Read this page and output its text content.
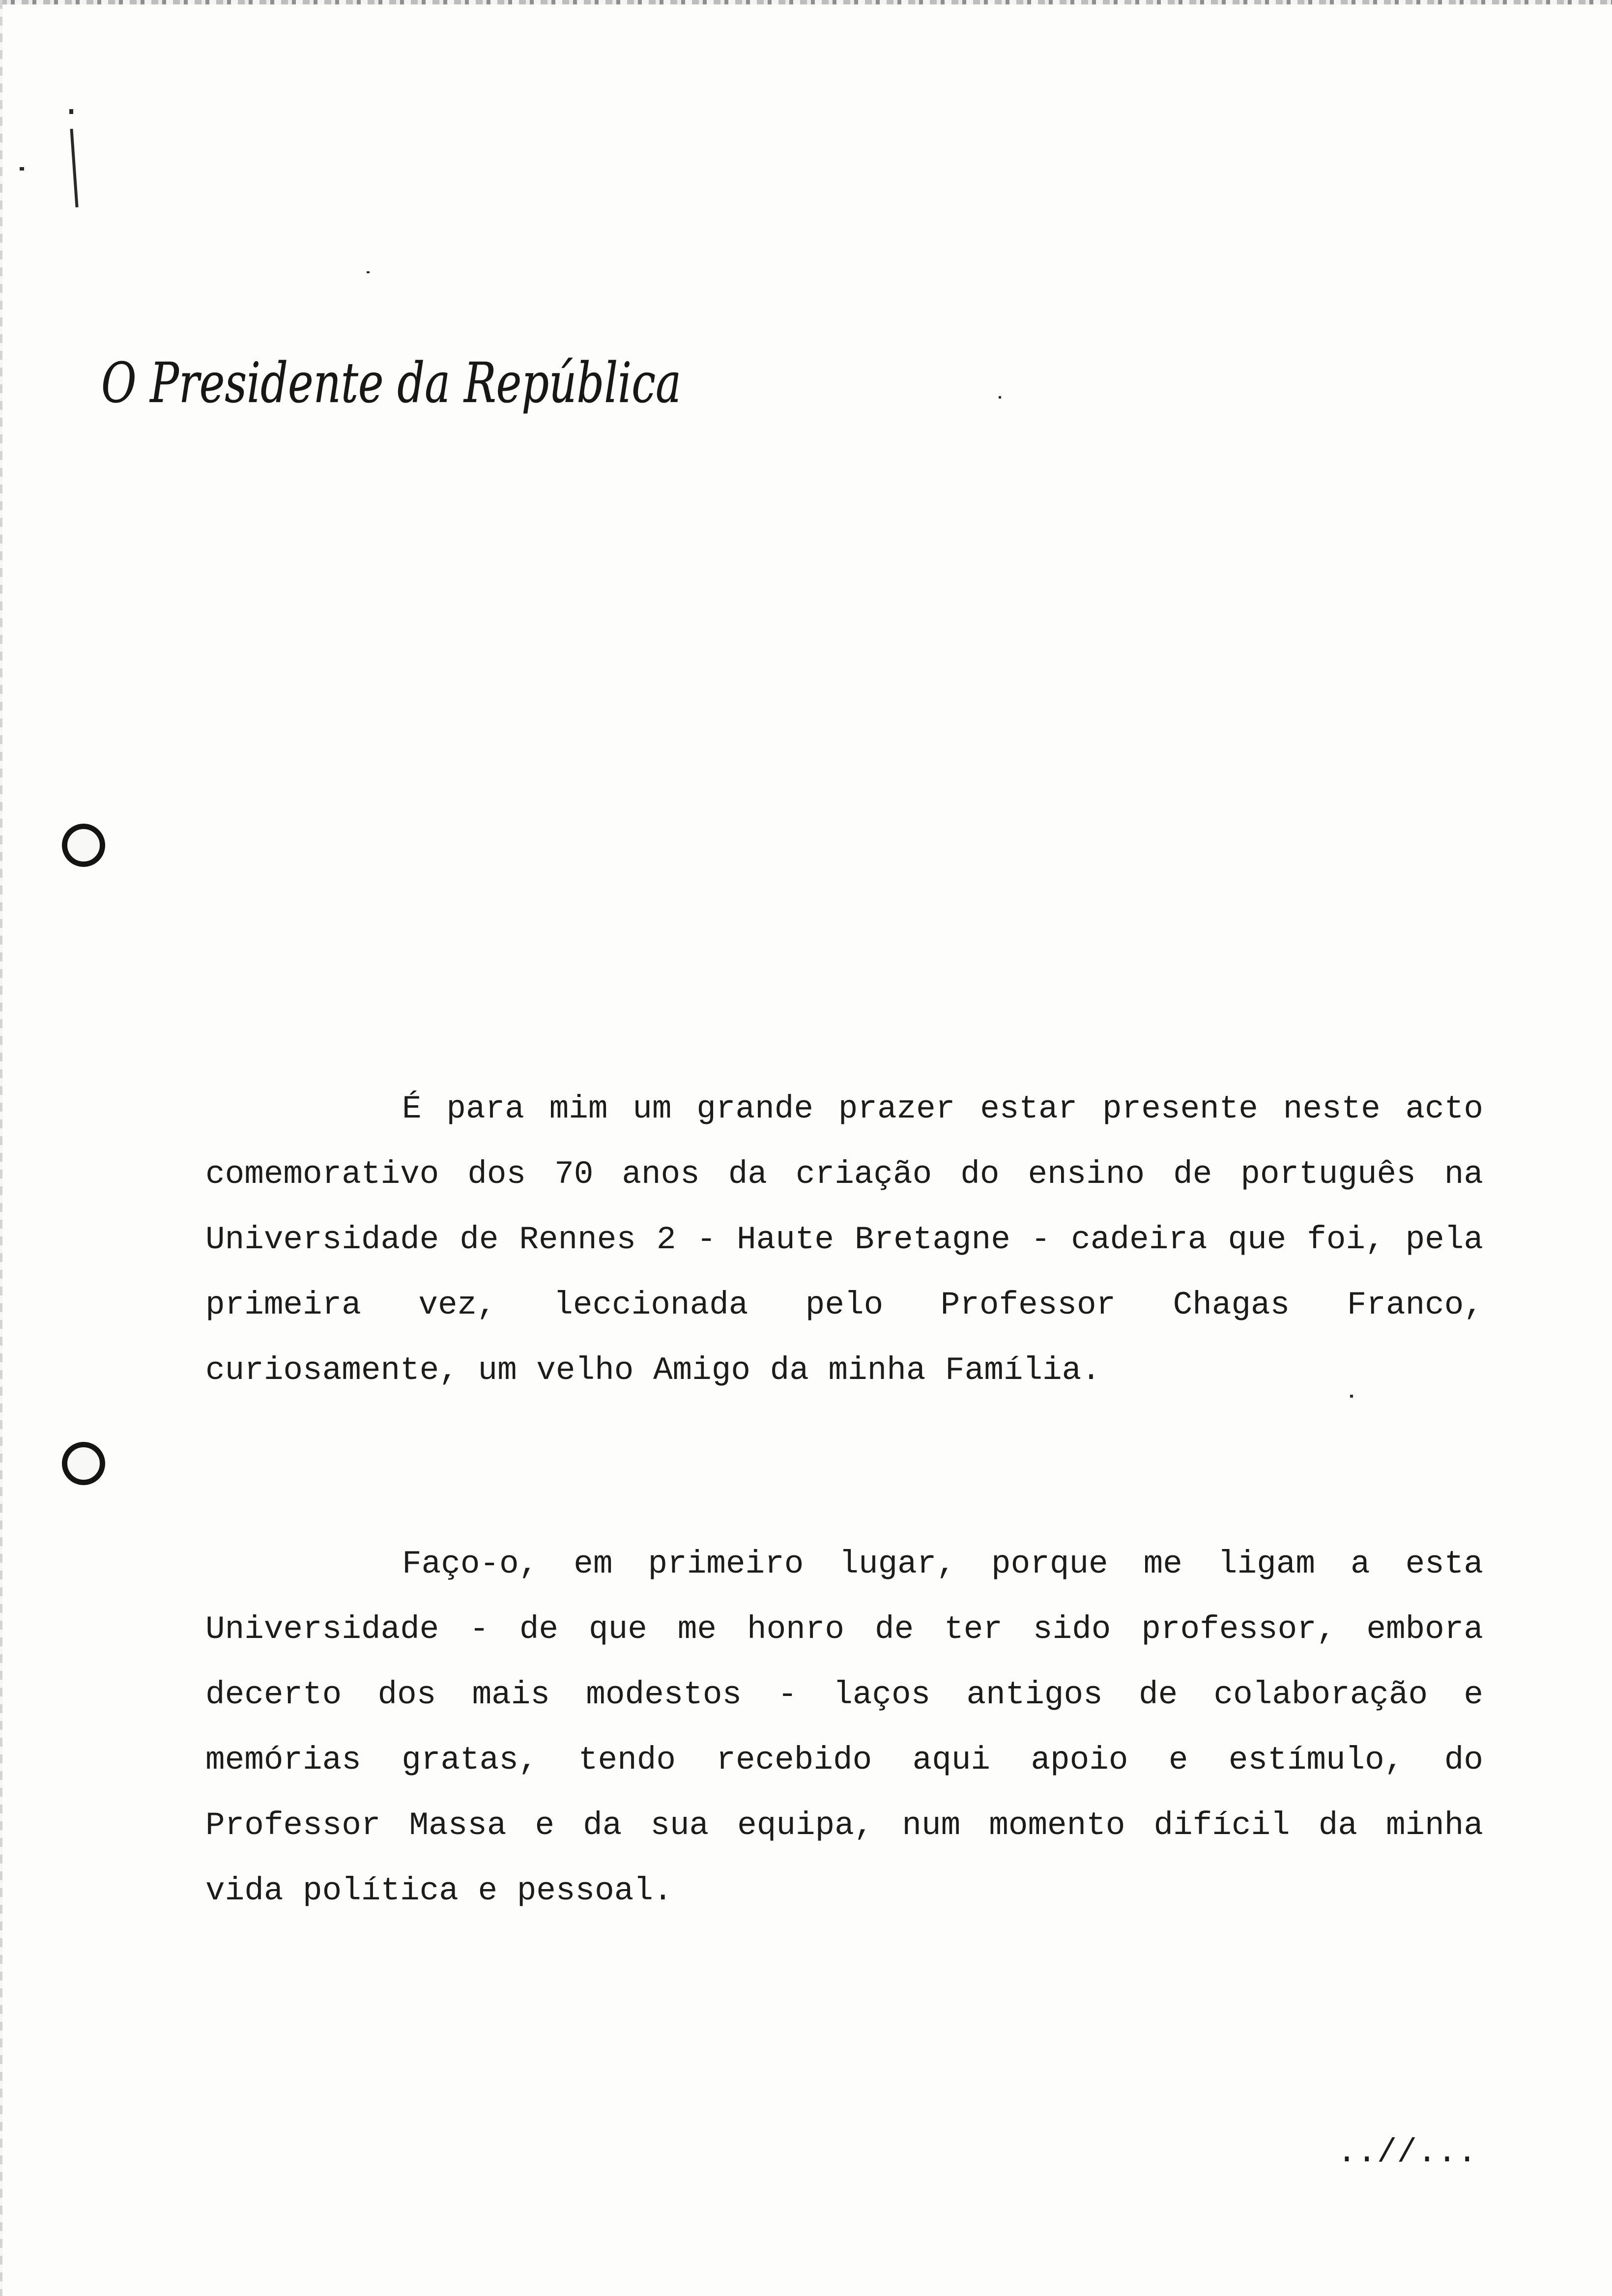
O Presidente da República

É para mim um grande prazer estar presente neste acto comemorativo dos 70 anos da criação do ensino de português na Universidade de Rennes 2 - Haute Bretagne - cadeira que foi, pela primeira vez, leccionada pelo Professor Chagas Franco, curiosamente, um velho Amigo da minha Família.

Faço-o, em primeiro lugar, porque me ligam a esta Universidade - de que me honro de ter sido professor, embora decerto dos mais modestos - laços antigos de colaboração e memórias gratas, tendo recebido aqui apoio e estímulo, do Professor Massa e da sua equipa, num momento difícil da minha vida política e pessoal.

..//...
